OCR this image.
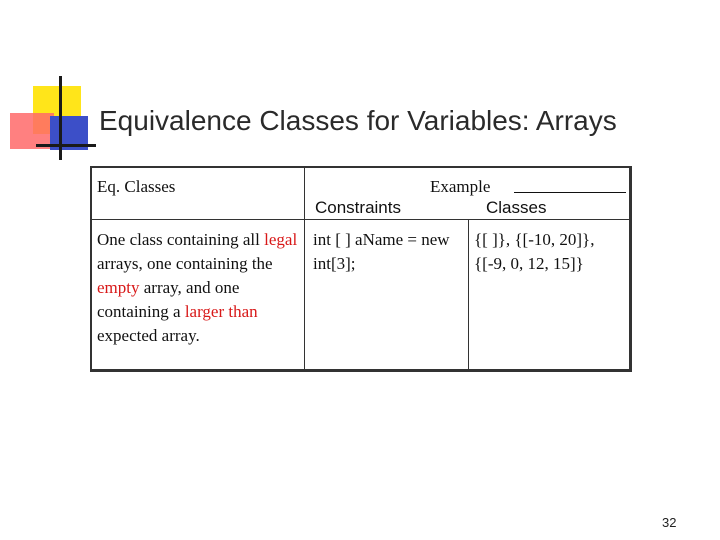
Equivalence Classes for Variables: Arrays
Eq. Classes	Example
Constraints	Classes
One class containing all legal arrays, one containing the empty array, and one containing a larger than expected array.
int [ ] aName = new int[3];
{[ ]}, {[-10, 20]}, {[-9, 0, 12, 15]}
32
